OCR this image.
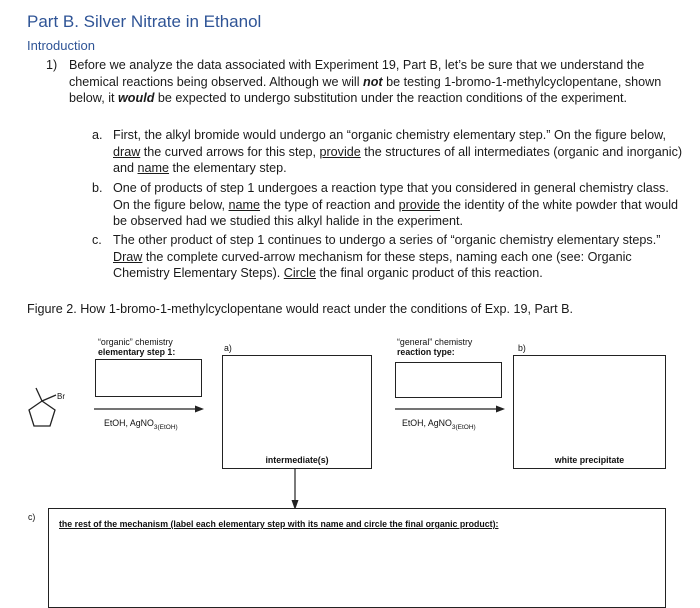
Part B. Silver Nitrate in Ethanol
Introduction
1) Before we analyze the data associated with Experiment 19, Part B, let’s be sure that we understand the chemical reactions being observed. Although we will not be testing 1-bromo-1-methylcyclopentane, shown below, it would be expected to undergo substitution under the reaction conditions of the experiment.
a. First, the alkyl bromide would undergo an “organic chemistry elementary step.” On the figure below, draw the curved arrows for this step, provide the structures of all intermediates (organic and inorganic) and name the elementary step.
b. One of products of step 1 undergoes a reaction type that you considered in general chemistry class. On the figure below, name the type of reaction and provide the identity of the white powder that would be observed had we studied this alkyl halide in the experiment.
c. The other product of step 1 continues to undergo a series of “organic chemistry elementary steps.” Draw the complete curved-arrow mechanism for these steps, naming each one (see: Organic Chemistry Elementary Steps). Circle the final organic product of this reaction.
Figure 2. How 1-bromo-1-methylcyclopentane would react under the conditions of Exp. 19, Part B.
“organic” chemistry
elementary step 1:
Br
EtOH, AgNO$_{3(EtOH)}$
a)
intermediate(s)
“general” chemistry
reaction type:
EtOH, AgNO$_{3(EtOH)}$
b)
white precipitate
c)
the rest of the mechanism (label each elementary step with its name and circle the final organic product):
